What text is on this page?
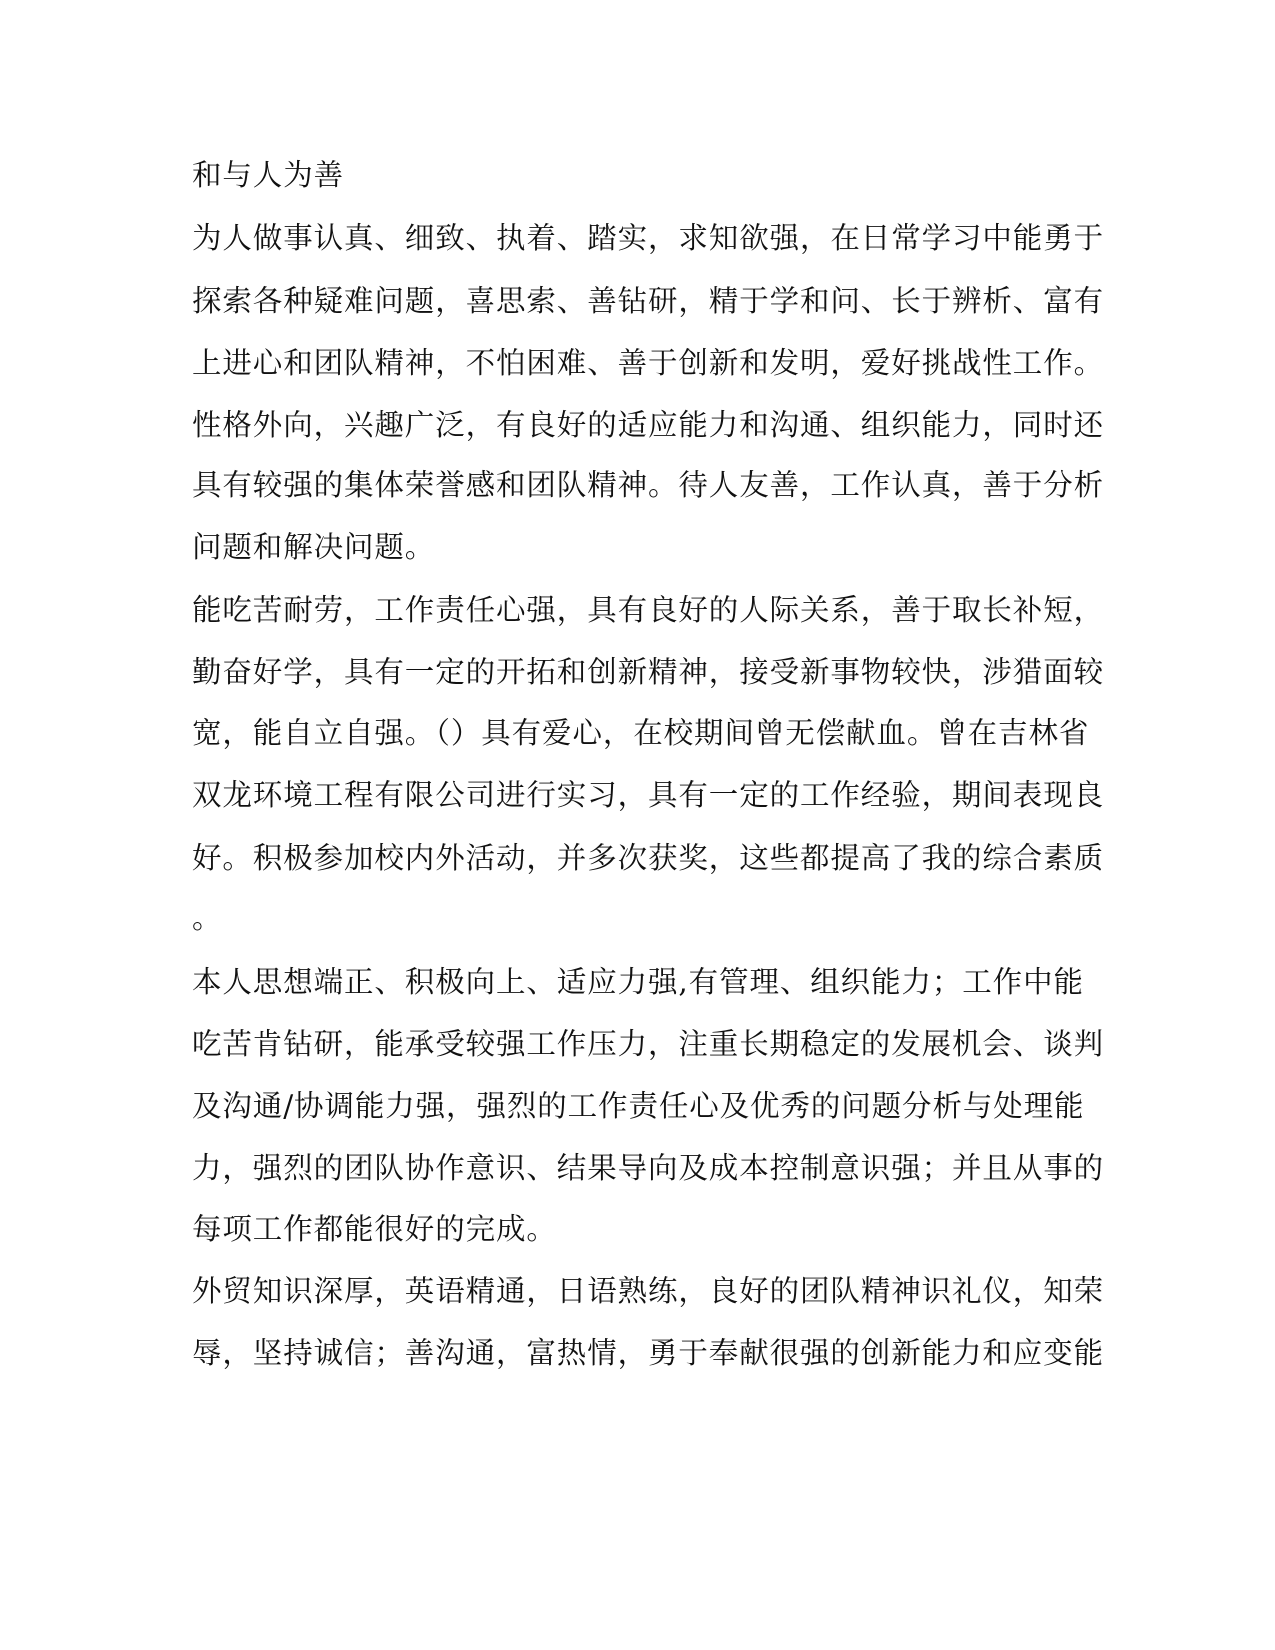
和与人为善
为人做事认真、细致、执着、踏实，求知欲强，在日常学习中能勇于
探索各种疑难问题，喜思索、善钻研，精于学和问、长于辨析、富有
上进心和团队精神，不怕困难、善于创新和发明，爱好挑战性工作。
性格外向，兴趣广泛，有良好的适应能力和沟通、组织能力，同时还
具有较强的集体荣誉感和团队精神。待人友善，工作认真，善于分析
问题和解决问题。
能吃苦耐劳，工作责任心强，具有良好的人际关系，善于取长补短，
勤奋好学，具有一定的开拓和创新精神，接受新事物较快，涉猎面较
宽，能自立自强。（）具有爱心，在校期间曾无偿献血。曾在吉林省
双龙环境工程有限公司进行实习，具有一定的工作经验，期间表现良
好。积极参加校内外活动，并多次获奖，这些都提高了我的综合素质
。
本人思想端正、积极向上、适应力强,有管理、组织能力；工作中能
吃苦肯钻研，能承受较强工作压力，注重长期稳定的发展机会、谈判
及沟通/协调能力强，强烈的工作责任心及优秀的问题分析与处理能
力，强烈的团队协作意识、结果导向及成本控制意识强；并且从事的
每项工作都能很好的完成。
外贸知识深厚，英语精通，日语熟练，良好的团队精神识礼仪，知荣
辱，坚持诚信；善沟通，富热情，勇于奉献很强的创新能力和应变能
